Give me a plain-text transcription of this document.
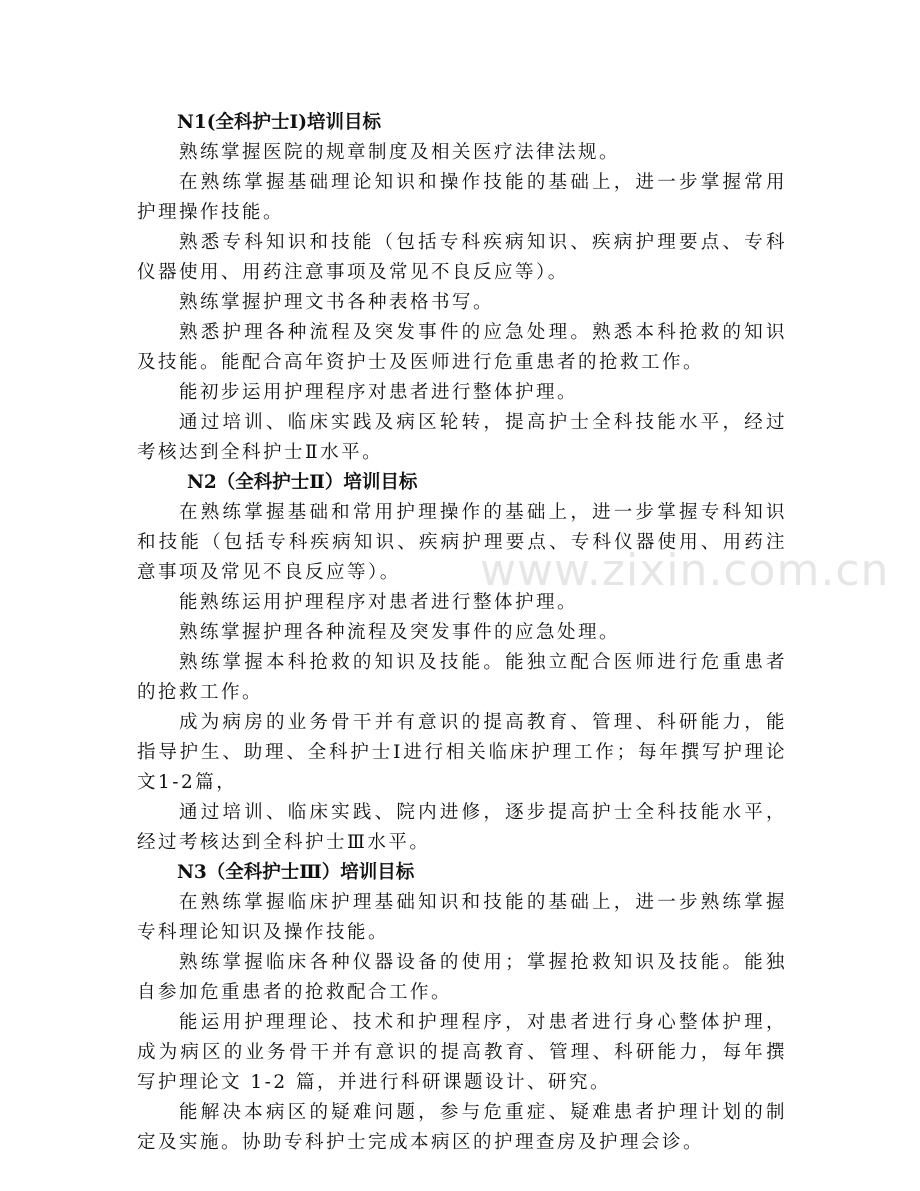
www.zixin.com.cn
N1(全科护士Ⅰ)培训目标

熟练掌握医院的规章制度及相关医疗法律法规。

在熟练掌握基础理论知识和操作技能的基础上，进一步掌握常用护理操作技能。

熟悉专科知识和技能（包括专科疾病知识、疾病护理要点、专科仪器使用、用药注意事项及常见不良反应等）。

熟练掌握护理文书各种表格书写。

熟悉护理各种流程及突发事件的应急处理。熟悉本科抢救的知识及技能。能配合高年资护士及医师进行危重患者的抢救工作。

能初步运用护理程序对患者进行整体护理。

通过培训、临床实践及病区轮转，提高护士全科技能水平，经过考核达到全科护士Ⅱ水平。

N2（全科护士Ⅱ）培训目标

在熟练掌握基础和常用护理操作的基础上，进一步掌握专科知识和技能（包括专科疾病知识、疾病护理要点、专科仪器使用、用药注意事项及常见不良反应等）。

能熟练运用护理程序对患者进行整体护理。

熟练掌握护理各种流程及突发事件的应急处理。

熟练掌握本科抢救的知识及技能。能独立配合医师进行危重患者的抢救工作。

成为病房的业务骨干并有意识的提高教育、管理、科研能力，能指导护生、助理、全科护士Ⅰ进行相关临床护理工作；每年撰写护理论文1-2篇，

通过培训、临床实践、院内进修，逐步提高护士全科技能水平，经过考核达到全科护士Ⅲ水平。

N3（全科护士Ⅲ）培训目标

在熟练掌握临床护理基础知识和技能的基础上，进一步熟练掌握专科理论知识及操作技能。

熟练掌握临床各种仪器设备的使用；掌握抢救知识及技能。能独自参加危重患者的抢救配合工作。

能运用护理理论、技术和护理程序，对患者进行身心整体护理，成为病区的业务骨干并有意识的提高教育、管理、科研能力，每年撰写护理论文 1-2 篇，并进行科研课题设计、研究。

能解决本病区的疑难问题，参与危重症、疑难患者护理计划的制定及实施。协助专科护士完成本病区的护理查房及护理会诊。
